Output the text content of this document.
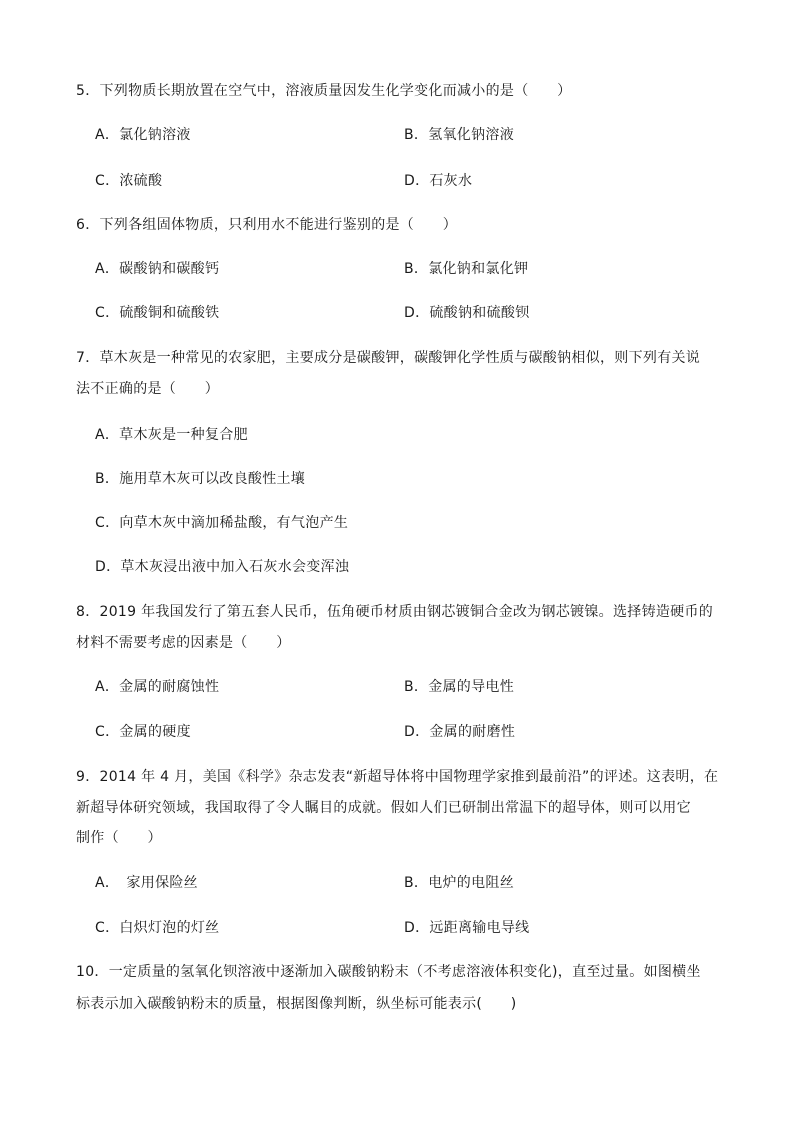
5．下列物质长期放置在空气中，溶液质量因发生化学变化而减小的是（　　）
A．氯化钠溶液	B．氢氧化钠溶液
C．浓硫酸	D．石灰水
6．下列各组固体物质，只利用水不能进行鉴别的是（　　）
A．碳酸钠和碳酸钙	B．氯化钠和氯化钾
C．硫酸铜和硫酸铁	D．硫酸钠和硫酸钡
7．草木灰是一种常见的农家肥，主要成分是碳酸钾，碳酸钾化学性质与碳酸钠相似，则下列有关说
法不正确的是（　　）
A．草木灰是一种复合肥
B．施用草木灰可以改良酸性土壤
C．向草木灰中滴加稀盐酸，有气泡产生
D．草木灰浸出液中加入石灰水会变浑浊
8．2019 年我国发行了第五套人民币，伍角硬币材质由钢芯镀铜合金改为钢芯镀镍。选择铸造硬币的
材料不需要考虑的因素是（　　）
A．金属的耐腐蚀性	B．金属的导电性
C．金属的硬度	D．金属的耐磨性
9．2014 年 4 月，美国《科学》杂志发表“新超导体将中国物理学家推到最前沿”的评述。这表明，在
新超导体研究领域，我国取得了令人瞩目的成就。假如人们已研制出常温下的超导体，则可以用它
制作（　　）
A．　家用保险丝	B．电炉的电阻丝
C．白炽灯泡的灯丝	D．远距离输电导线
10．一定质量的氢氧化钡溶液中逐渐加入碳酸钠粉末（不考虑溶液体积变化)，直至过量。如图横坐
标表示加入碳酸钠粉末的质量，根据图像判断，纵坐标可能表示(　　)
